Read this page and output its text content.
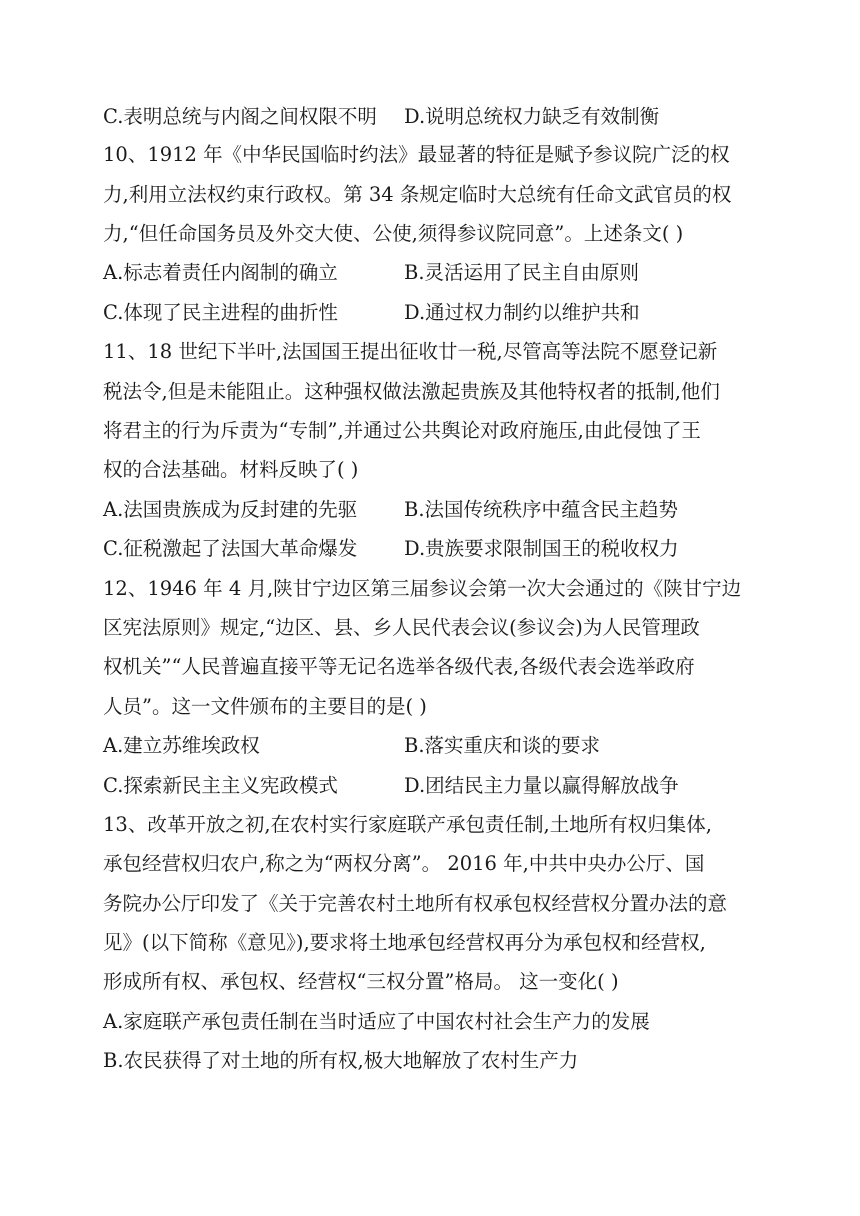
C.表明总统与内阁之间权限不明 D.说明总统权力缺乏有效制衡
10、1912 年《中华民国临时约法》最显著的特征是赋予参议院广泛的权
力,利用立法权约束行政权。第 34 条规定临时大总统有任命文武官员的权
力,“但任命国务员及外交大使、公使,须得参议院同意”。上述条文( )
A.标志着责任内阁制的确立	B.灵活运用了民主自由原则
C.体现了民主进程的曲折性	D.通过权力制约以维护共和
11、18 世纪下半叶,法国国王提出征收廿一税,尽管高等法院不愿登记新
税法令,但是未能阻止。这种强权做法激起贵族及其他特权者的抵制,他们
将君主的行为斥责为“专制”,并通过公共舆论对政府施压,由此侵蚀了王
权的合法基础。材料反映了( )
A.法国贵族成为反封建的先驱 B.法国传统秩序中蕴含民主趋势
C.征税激起了法国大革命爆发 D.贵族要求限制国王的税收权力
12、1946 年 4 月,陕甘宁边区第三届参议会第一次大会通过的《陕甘宁边
区宪法原则》规定,“边区、县、乡人民代表会议(参议会)为人民管理政
权机关”“人民普遍直接平等无记名选举各级代表,各级代表会选举政府
人员”。这一文件颁布的主要目的是( )
A.建立苏维埃政权	B.落实重庆和谈的要求
C.探索新民主主义宪政模式	D.团结民主力量以赢得解放战争
13、改革开放之初,在农村实行家庭联产承包责任制,土地所有权归集体,
承包经营权归农户,称之为“两权分离”。 2016 年,中共中央办公厅、国
务院办公厅印发了《关于完善农村土地所有权承包权经营权分置办法的意
见》(以下简称《意见》),要求将土地承包经营权再分为承包权和经营权,
形成所有权、承包权、经营权“三权分置”格局。 这一变化( )
A.家庭联产承包责任制在当时适应了中国农村社会生产力的发展
B.农民获得了对土地的所有权,极大地解放了农村生产力
